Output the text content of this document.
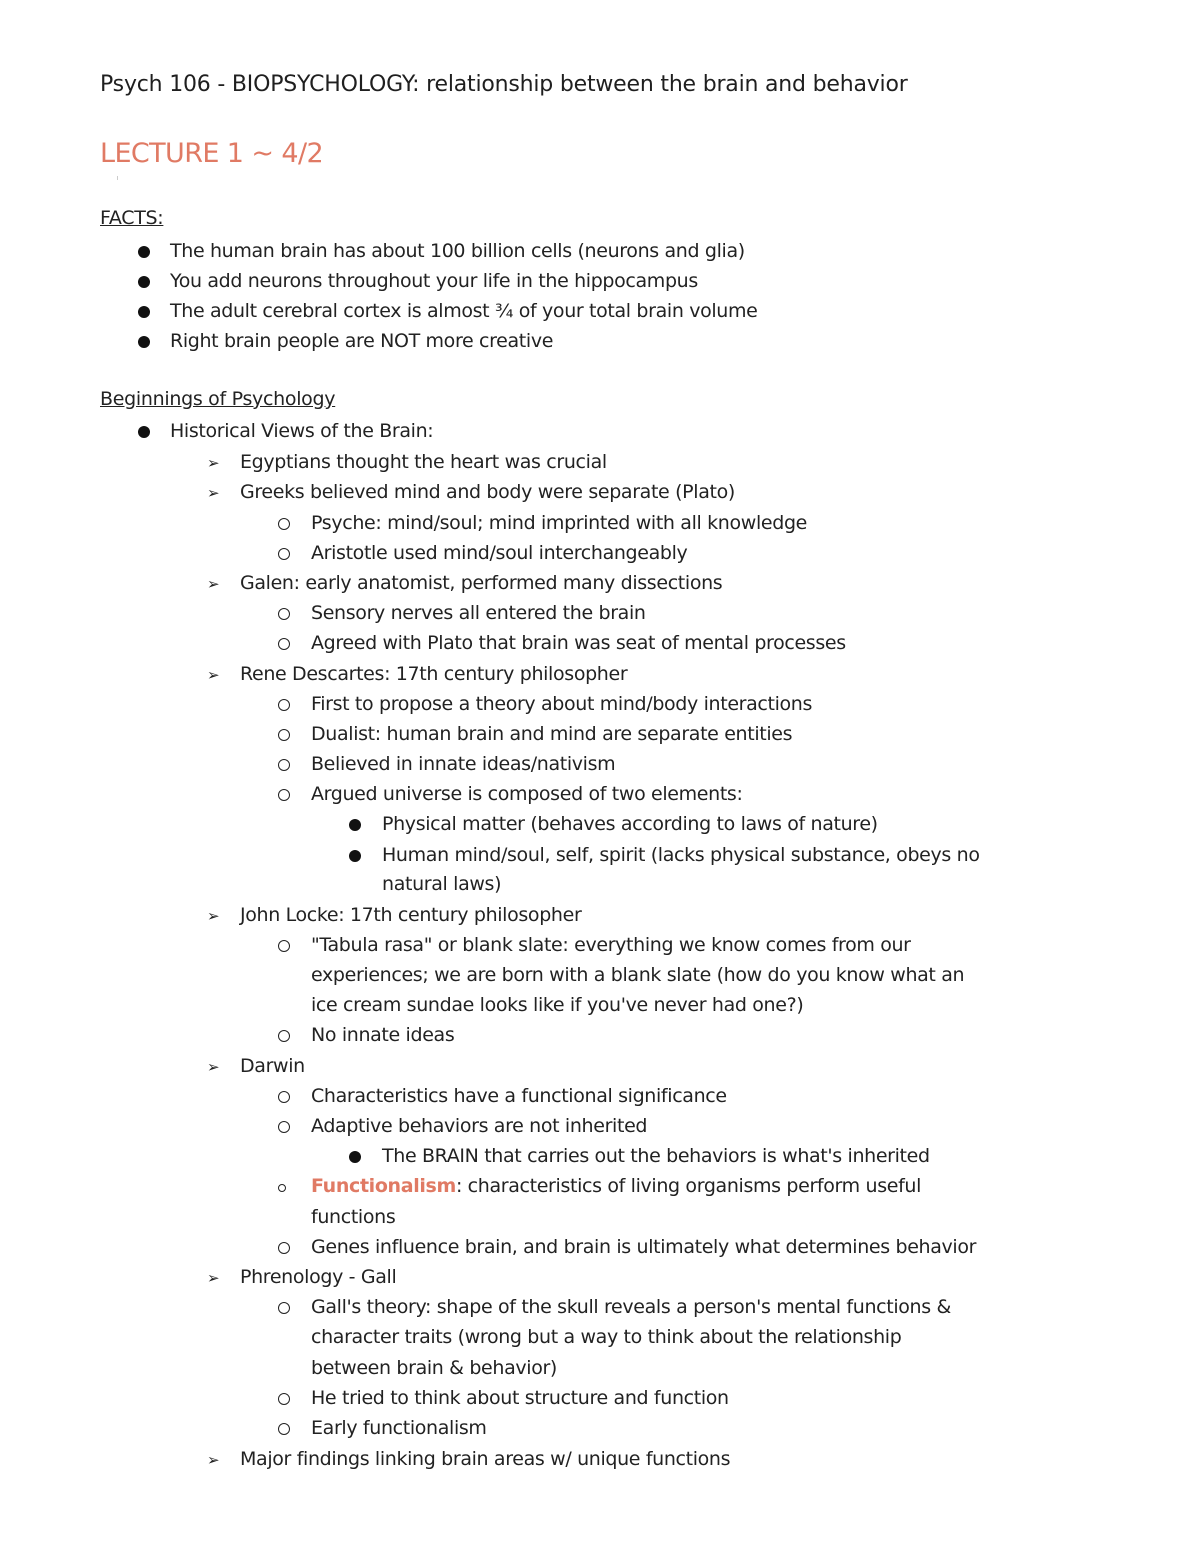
Psych 106 - BIOPSYCHOLOGY: relationship between the brain and behavior
LECTURE 1 ~ 4/2
FACTS:
The human brain has about 100 billion cells (neurons and glia)
You add neurons throughout your life in the hippocampus
The adult cerebral cortex is almost ¾ of your total brain volume
Right brain people are NOT more creative
Beginnings of Psychology
Historical Views of the Brain:
➢ Egyptians thought the heart was crucial
➢ Greeks believed mind and body were separate (Plato)
Psyche: mind/soul; mind imprinted with all knowledge
Aristotle used mind/soul interchangeably
➢ Galen: early anatomist, performed many dissections
Sensory nerves all entered the brain
Agreed with Plato that brain was seat of mental processes
➢ Rene Descartes: 17th century philosopher
First to propose a theory about mind/body interactions
Dualist: human brain and mind are separate entities
Believed in innate ideas/nativism
Argued universe is composed of two elements:
Physical matter (behaves according to laws of nature)
Human mind/soul, self, spirit (lacks physical substance, obeys no
natural laws)
➢ John Locke: 17th century philosopher
"Tabula rasa" or blank slate: everything we know comes from our
experiences; we are born with a blank slate (how do you know what an
ice cream sundae looks like if you've never had one?)
No innate ideas
➢ Darwin
Characteristics have a functional significance
Adaptive behaviors are not inherited
The BRAIN that carries out the behaviors is what's inherited
Functionalism: characteristics of living organisms perform useful
functions
Genes influence brain, and brain is ultimately what determines behavior
➢ Phrenology - Gall
Gall's theory: shape of the skull reveals a person's mental functions &
character traits (wrong but a way to think about the relationship
between brain & behavior)
He tried to think about structure and function
Early functionalism
➢ Major findings linking brain areas w/ unique functions
